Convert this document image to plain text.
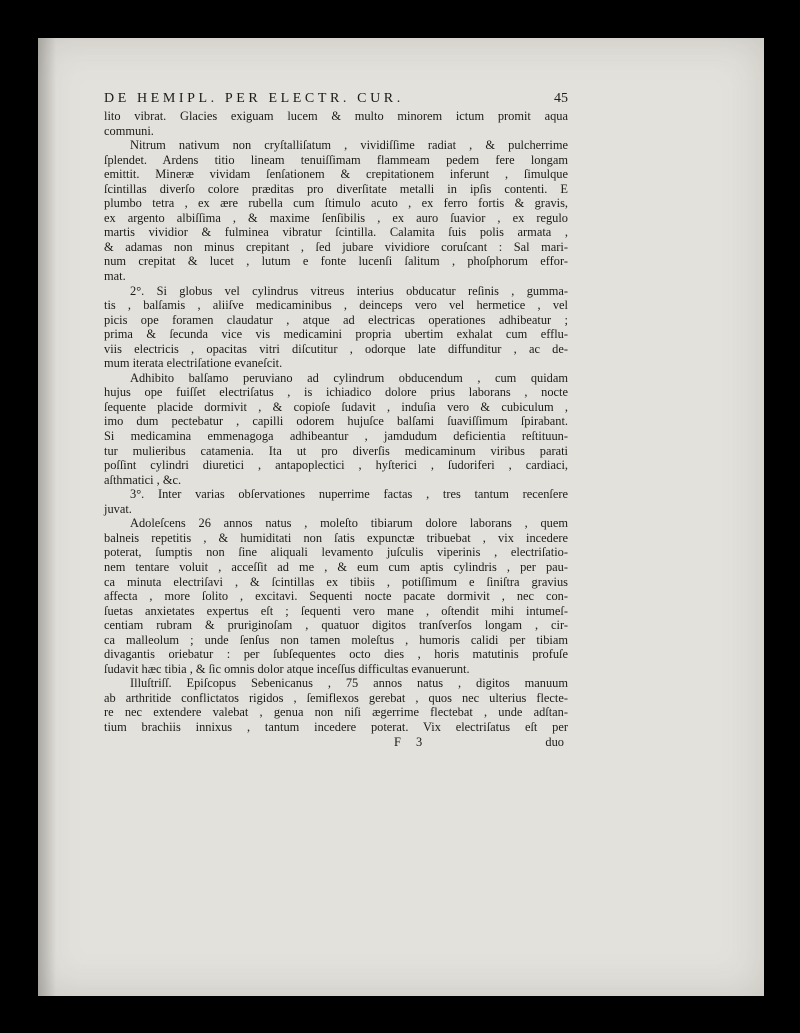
DE HEMIPL. PER ELECTR. CUR.	45
lito vibrat. Glacies exiguam lucem & multo minorem ictum promit aqua
communi.
Nitrum nativum non cryſtalliſatum , vividiſſime radiat , & pulcherrime
ſplendet. Ardens titio lineam tenuiſſimam flammeam pedem fere longam
emittit. Mineræ vividam ſenſationem & crepitationem inferunt , ſimulque
ſcintillas diverſo colore præditas pro diverſitate metalli in ipſis contenti. E
plumbo tetra , ex ære rubella cum ſtimulo acuto , ex ferro fortis & gravis,
ex argento albiſſima , & maxime ſenſibilis , ex auro ſuavior , ex regulo
martis vividior & fulminea vibratur ſcintilla. Calamita ſuis polis armata ,
& adamas non minus crepitant , ſed jubare vividiore coruſcant : Sal mari-
num crepitat & lucet , lutum e fonte lucenſi ſalitum , phoſphorum effor-
mat.
2°. Si globus vel cylindrus vitreus interius obducatur reſinis , gumma-
tis , balſamis , aliiſve medicaminibus , deinceps vero vel hermetice , vel
picis ope foramen claudatur , atque ad electricas operationes adhibeatur ;
prima & ſecunda vice vis medicamini propria ubertim exhalat cum efflu-
viis electricis , opacitas vitri diſcutitur , odorque late diffunditur , ac de-
mum iterata electriſatione evaneſcit.
Adhibito balſamo peruviano ad cylindrum obducendum , cum quidam
hujus ope fuiſſet electriſatus , is ichiadico dolore prius laborans , nocte
ſequente placide dormivit , & copioſe ſudavit , induſia vero & cubiculum ,
imo dum pectebatur , capilli odorem hujuſce balſami ſuaviſſimum ſpirabant.
Si medicamina emmenagoga adhibeantur , jamdudum deficientia reſtituun-
tur mulieribus catamenia. Ita ut pro diverſis medicaminum viribus parati
poſſint cylindri diuretici , antapoplectici , hyſterici , ſudoriferi , cardiaci,
aſthmatici , &c.
3°. Inter varias obſervationes nuperrime factas , tres tantum recenſere
juvat.
Adoleſcens 26 annos natus , moleſto tibiarum dolore laborans , quem
balneis repetitis , & humiditati non ſatis expunctæ tribuebat , vix incedere
poterat, ſumptis non ſine aliquali levamento juſculis viperinis , electriſatio-
nem tentare voluit , acceſſit ad me , & eum cum aptis cylindris , per pau-
ca minuta electriſavi , & ſcintillas ex tibiis , potiſſimum e ſiniſtra gravius
affecta , more ſolito , excitavi. Sequenti nocte pacate dormivit , nec con-
ſuetas anxietates expertus eſt ; ſequenti vero mane , oſtendit mihi intumeſ-
centiam rubram & pruriginoſam , quatuor digitos tranſverſos longam , cir-
ca malleolum ; unde ſenſus non tamen moleſtus , humoris calidi per tibiam
divagantis oriebatur : per ſubſequentes octo dies , horis matutinis profuſe
ſudavit hæc tibia , & ſic omnis dolor atque inceſſus difficultas evanuerunt.
Illuſtriſſ. Epiſcopus Sebenicanus , 75 annos natus , digitos manuum
ab arthritide conflictatos rigidos , ſemiflexos gerebat , quos nec ulterius flecte-
re nec extendere valebat , genua non niſi ægerrime flectebat , unde adſtan-
tium brachiis innixus , tantum incedere poterat. Vix electriſatus eſt per
F 3	duo
